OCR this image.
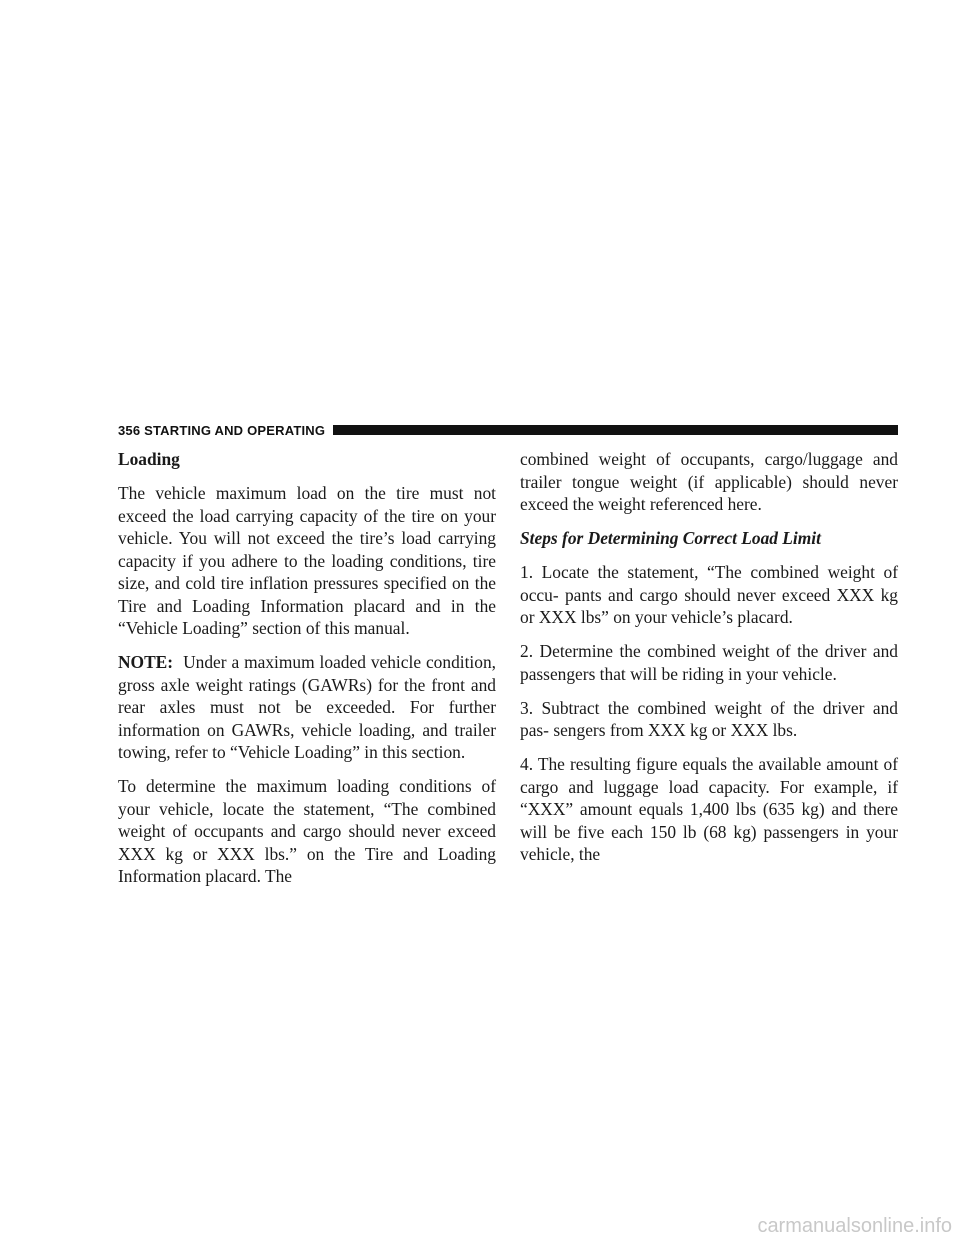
356 STARTING AND OPERATING

Loading

The vehicle maximum load on the tire must not exceed the load carrying capacity of the tire on your vehicle. You will not exceed the tire’s load carrying capacity if you adhere to the loading conditions, tire size, and cold tire inflation pressures specified on the Tire and Loading Information placard and in the “Vehicle Loading” section of this manual.

NOTE: Under a maximum loaded vehicle condition, gross axle weight ratings (GAWRs) for the front and rear axles must not be exceeded. For further information on GAWRs, vehicle loading, and trailer towing, refer to “Vehicle Loading” in this section.

To determine the maximum loading conditions of your vehicle, locate the statement, “The combined weight of occupants and cargo should never exceed XXX kg or XXX lbs.” on the Tire and Loading Information placard. The

combined weight of occupants, cargo/luggage and trailer tongue weight (if applicable) should never exceed the weight referenced here.

Steps for Determining Correct Load Limit

1. Locate the statement, “The combined weight of occu- pants and cargo should never exceed XXX kg or XXX lbs” on your vehicle’s placard.

2. Determine the combined weight of the driver and passengers that will be riding in your vehicle.

3. Subtract the combined weight of the driver and pas- sengers from XXX kg or XXX lbs.

4. The resulting figure equals the available amount of cargo and luggage load capacity. For example, if “XXX” amount equals 1,400 lbs (635 kg) and there will be five each 150 lb (68 kg) passengers in your vehicle, the

carmanualsonline.info
